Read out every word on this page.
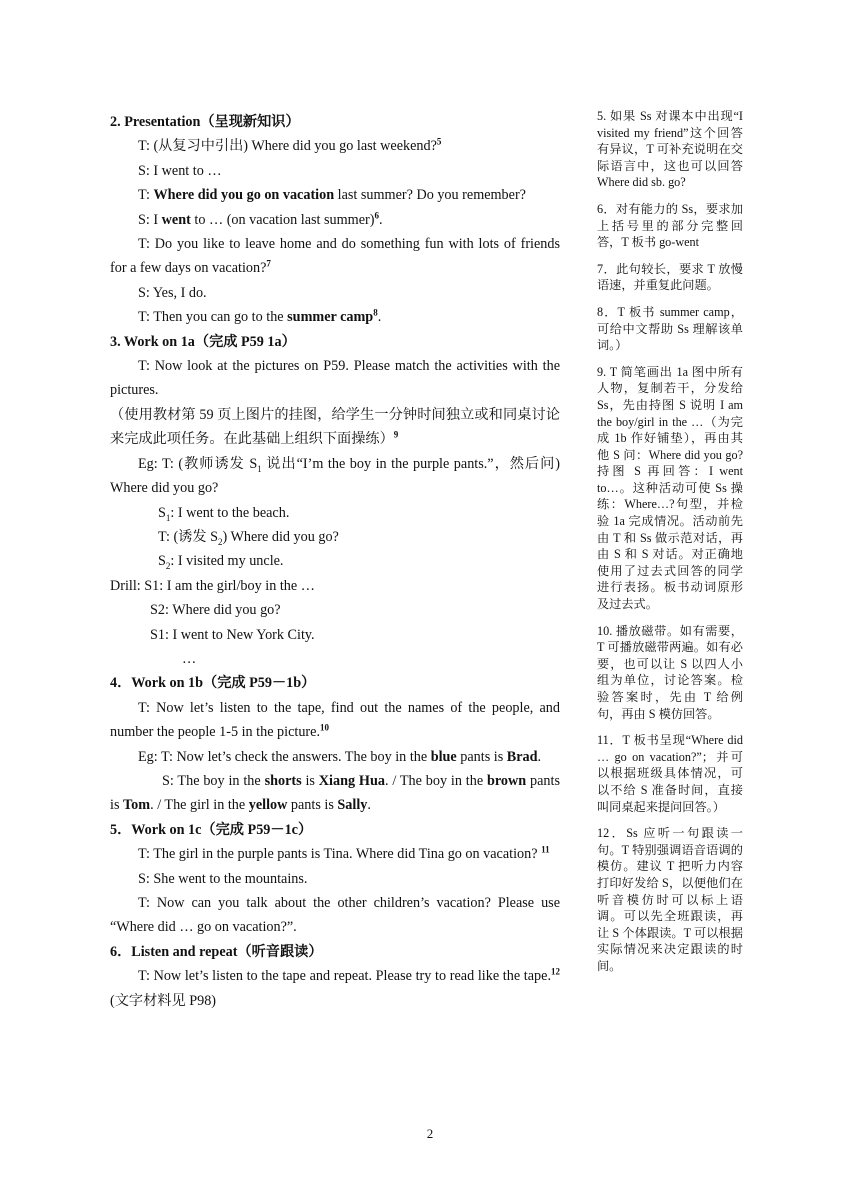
2. Presentation（呈现新知识）

T: (从复习中引出) Where did you go last weekend?$^5$

S: I went to …

T: Where did you go on vacation last summer? Do you remember?

S: I went to … (on vacation last summer)$^6$.

T: Do you like to leave home and do something fun with lots of friends for a few days on vacation?$^7$

S: Yes, I do.

T: Then you can go to the summer camp$^8$.

3. Work on 1a（完成 P59 1a）

T: Now look at the pictures on P59. Please match the activities with the pictures.

（使用教材第 59 页上图片的挂图，给学生一分钟时间独立或和同桌讨论来完成此项任务。在此基础上组织下面操练）$^9$

Eg: T: (教师诱发 $S_1$ 说出“I’m the boy in the purple pants.”，然后问) Where did you go?

$S_1$: I went to the beach.

T: (诱发 $S_2$) Where did you go?

$S_2$: I visited my uncle.

Drill: S1: I am the girl/boy in the …

S2: Where did you go?

S1: I went to New York City.

…

4．Work on 1b（完成 P59－1b）

T: Now let’s listen to the tape, find out the names of the people, and number the people 1-5 in the picture.$^{10}$

Eg: T: Now let’s check the answers. The boy in the blue pants is Brad.

S: The boy in the shorts is Xiang Hua. / The boy in the brown pants is Tom. / The girl in the yellow pants is Sally.

5．Work on 1c（完成 P59－1c）

T: The girl in the purple pants is Tina. Where did Tina go on vacation? $^{11}$

S: She went to the mountains.

T: Now can you talk about the other children’s vacation? Please use “Where did … go on vacation?”.

6．Listen and repeat（听音跟读）

T: Now let’s listen to the tape and repeat. Please try to read like the tape.$^{12}$ (文字材料见 P98)

5. 如果 Ss 对课本中出现“I visited my friend”这个回答有异议，T 可补充说明在交际语言中，这也可以回答 Where did sb. go?

6．对有能力的 Ss，要求加上括号里的部分完整回答，T 板书 go-went

7．此句较长，要求 T 放慢语速，并重复此问题。

8．T 板书 summer camp，可给中文帮助 Ss 理解该单词。）

9. T 简笔画出 1a 图中所有人物，复制若干，分发给 Ss，先由持图 S 说明 I am the boy/girl in the …（为完成 1b 作好铺垫），再由其他 S 问：Where did you go? 持图 S 再回答：I went to…。这种活动可使 Ss 操练：Where…?句型，并检验 1a 完成情况。活动前先由 T 和 Ss 做示范对话，再由 S 和 S 对话。对正确地使用了过去式回答的同学进行表扬。板书动词原形及过去式。

10. 播放磁带。如有需要，T 可播放磁带两遍。如有必要，也可以让 S 以四人小组为单位，讨论答案。检验答案时，先由 T 给例句，再由 S 模仿回答。

11．T 板书呈现“Where did … go on vacation?”；并可以根据班级具体情况，可以不给 S 准备时间，直接叫同桌起来提问回答。）

12．Ss 应听一句跟读一句。T 特别强调语音语调的模仿。建议 T 把听力内容打印好发给 S，以便他们在听音模仿时可以标上语调。可以先全班跟读，再让 S 个体跟读。T 可以根据实际情况来决定跟读的时间。

2
